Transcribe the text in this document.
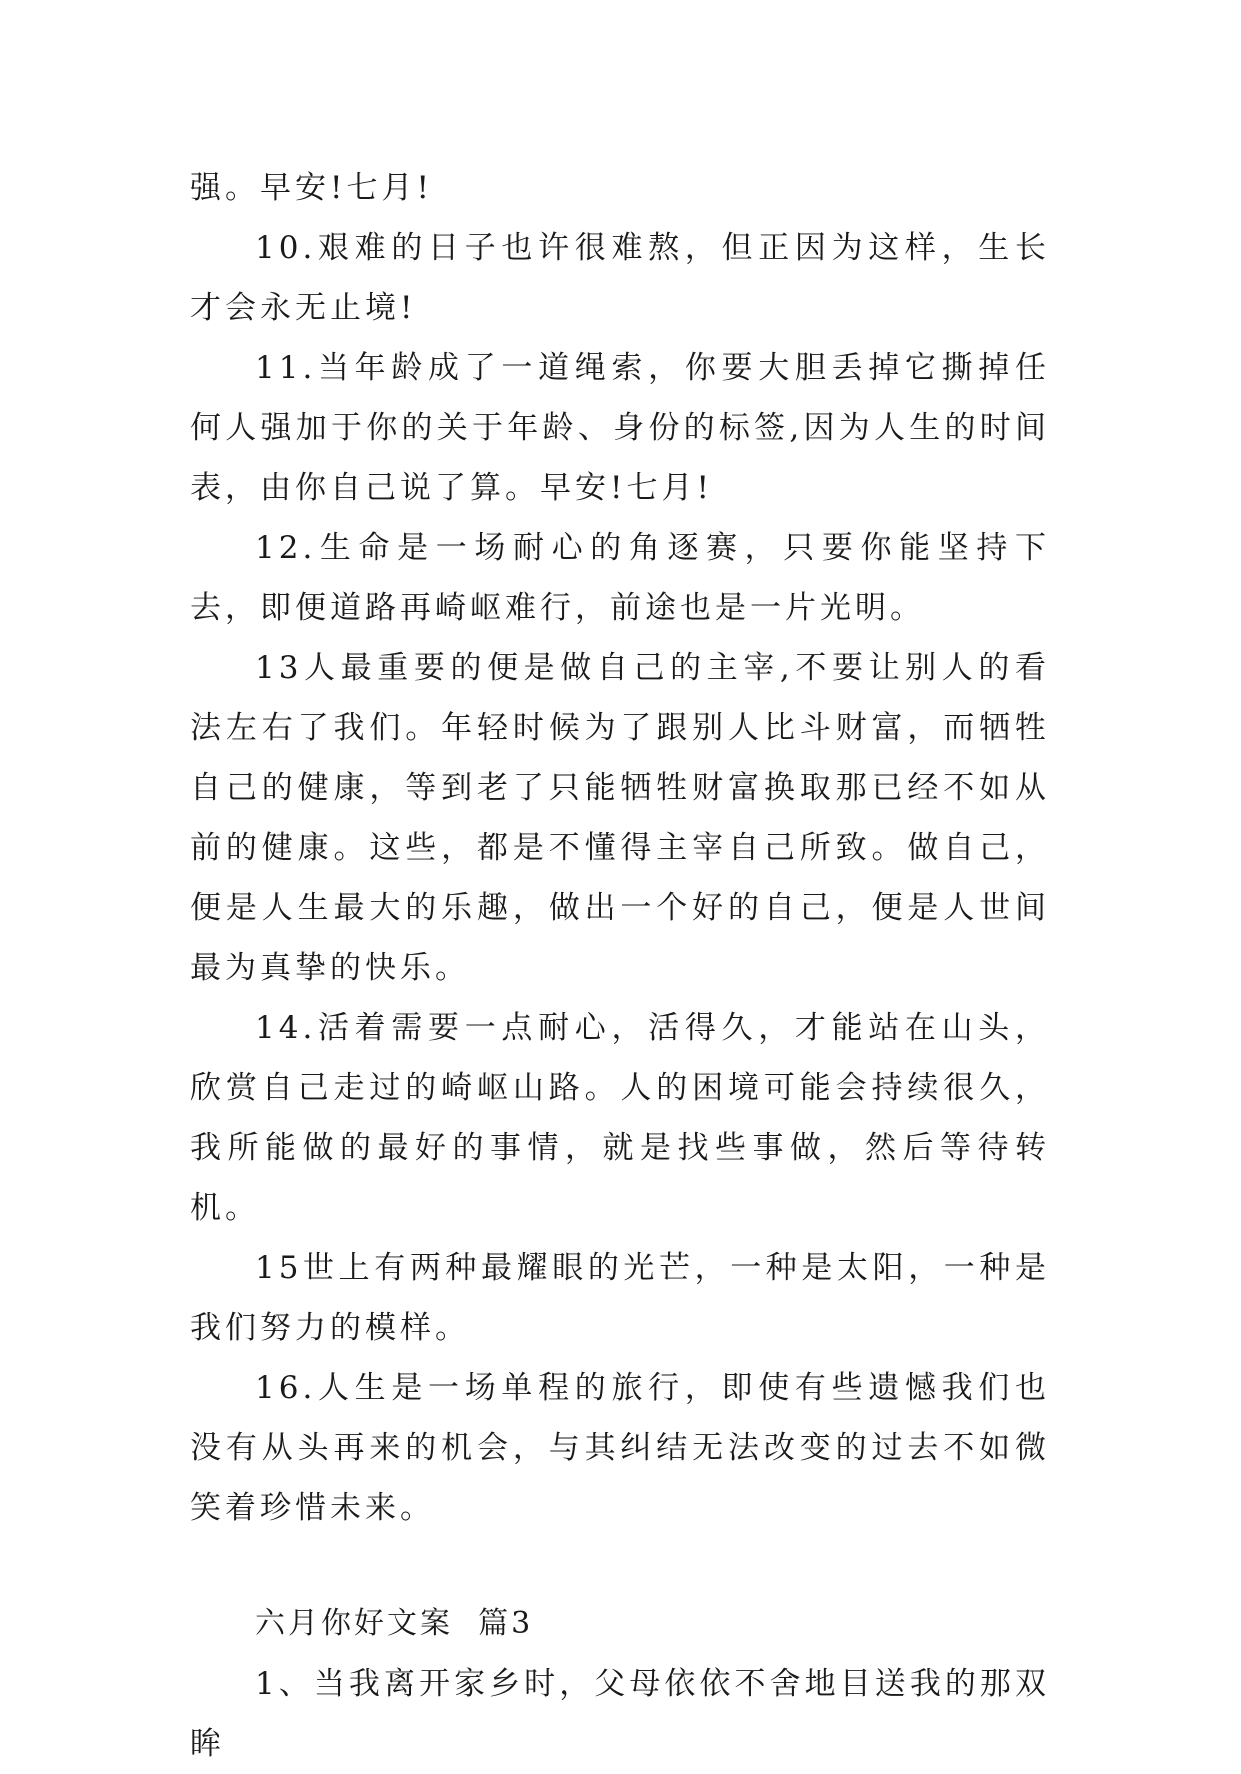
强。早安!七月!

10.艰难的日子也许很难熬，但正因为这样，生长才会永无止境!

11.当年龄成了一道绳索，你要大胆丢掉它撕掉任何人强加于你的关于年龄、身份的标签,因为人生的时间表，由你自己说了算。早安!七月!

12.生命是一场耐心的角逐赛，只要你能坚持下去，即便道路再崎岖难行，前途也是一片光明。

13人最重要的便是做自己的主宰,不要让别人的看法左右了我们。年轻时候为了跟别人比斗财富，而牺牲自己的健康，等到老了只能牺牲财富换取那已经不如从前的健康。这些，都是不懂得主宰自己所致。做自己，便是人生最大的乐趣，做出一个好的自己，便是人世间最为真挚的快乐。

14.活着需要一点耐心，活得久，才能站在山头，欣赏自己走过的崎岖山路。人的困境可能会持续很久，我所能做的最好的事情，就是找些事做，然后等待转机。

15世上有两种最耀眼的光芒，一种是太阳，一种是我们努力的模样。

16.人生是一场单程的旅行，即使有些遗憾我们也没有从头再来的机会，与其纠结无法改变的过去不如微笑着珍惜未来。

六月你好文案  篇3

1、当我离开家乡时，父母依依不舍地目送我的那双眸
